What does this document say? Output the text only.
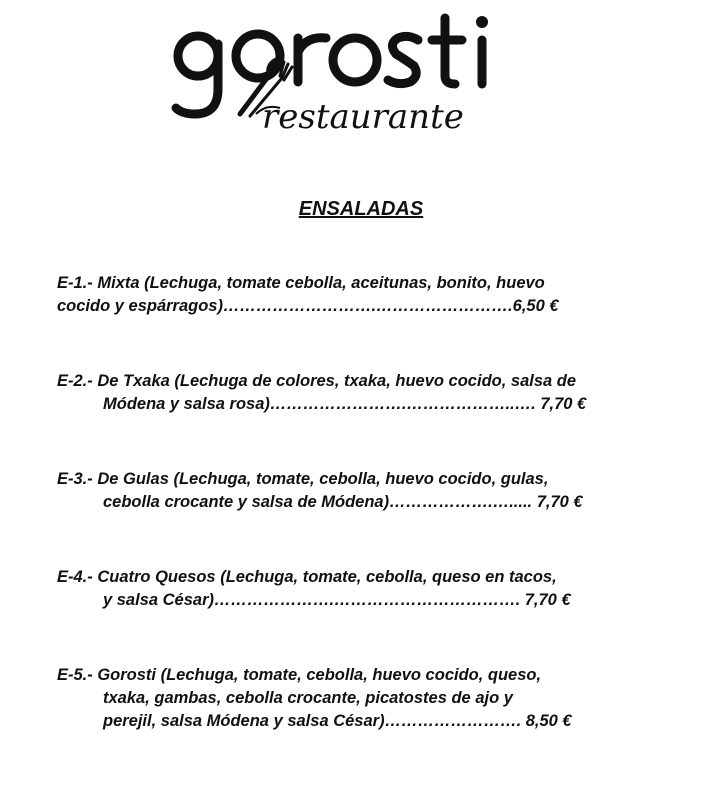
restaurante
ENSALADAS
E-1.- Mixta (Lechuga, tomate cebolla, aceitunas, bonito, huevo
cocido y espárragos)……………………….…………………….6,50 €
E-2.- De Txaka (Lechuga de colores, txaka, huevo cocido, salsa de
Módena y salsa rosa)…………………….………………..…. 7,70 €
E-3.- De Gulas (Lechuga, tomate, cebolla, huevo cocido, gulas,
cebolla crocante y salsa de Módena)……………….…..... 7,70 €
E-4.- Cuatro Quesos (Lechuga, tomate, cebolla, queso en tacos,
y salsa César)………………….……………………………. 7,70 €
E-5.- Gorosti (Lechuga, tomate, cebolla, huevo cocido, queso,
txaka, gambas, cebolla crocante, picatostes de ajo y
perejil, salsa Módena y salsa César)……………………. 8,50 €
